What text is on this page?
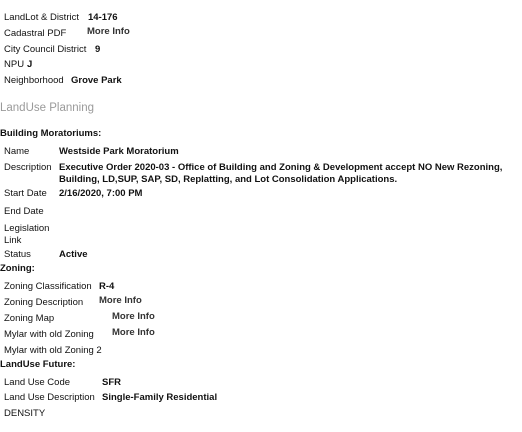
LandLot & District 14-176
Cadastral PDF More Info
City Council District 9
NPU J
Neighborhood Grove Park
LandUse Planning
Building Moratoriums:
Name	Westside Park Moratorium
Description Executive Order 2020-03 - Office of Building and Zoning & Development accept NO New Rezoning, Building, LD,SUP, SAP, SD, Replatting, and Lot Consolidation Applications.
Start Date 2/16/2020, 7:00 PM
End Date
Legislation Link
Status	Active
Zoning:
Zoning Classification R-4
Zoning Description More Info
Zoning Map	More Info
Mylar with old Zoning More Info
Mylar with old Zoning 2
LandUse Future:
Land Use Code	SFR
Land Use Description Single-Family Residential
DENSITY
